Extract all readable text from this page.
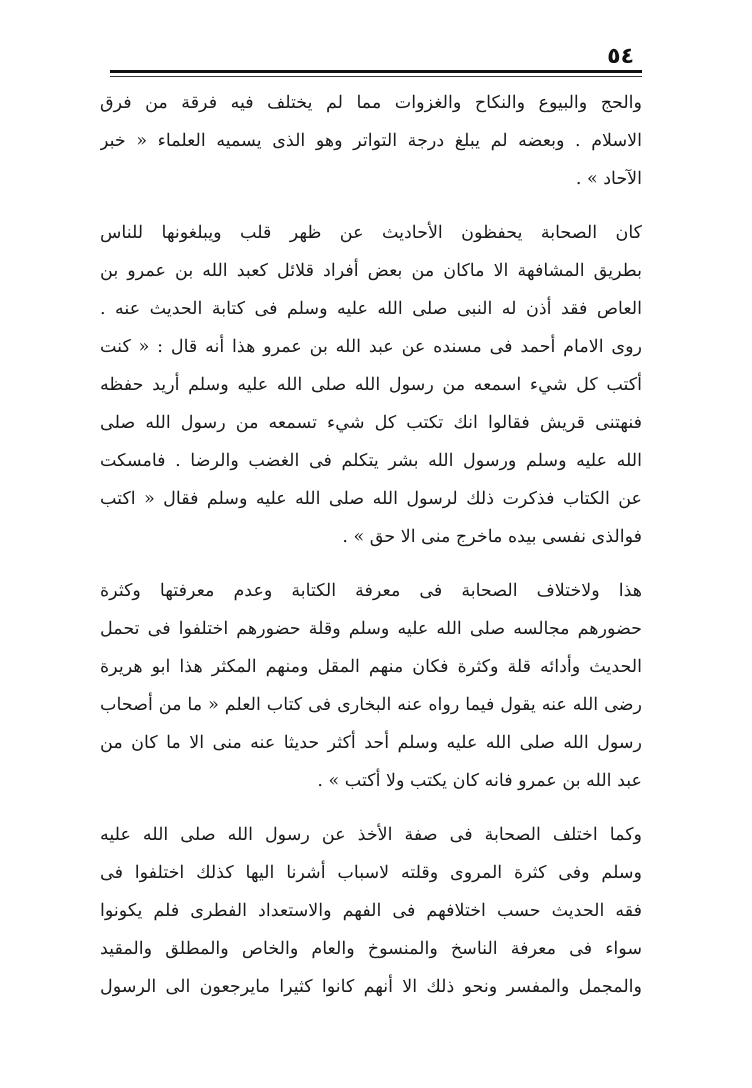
٥٤
والحج والبيوع والنكاح والغزوات مما لم يختلف فيه فرقة من فرق
الاسلام . وبعضه لم يبلغ درجة التواتر وهو الذى يسميه العلماء « خبر
الآحاد » .
كان الصحابة يحفظون الأحاديث عن ظهر قلب ويبلغونها للناس
بطريق المشافهة الا ماكان من بعض أفراد قلائل كعبد الله بن عمرو بن
العاص فقد أذن له النبى صلى الله عليه وسلم فى كتابة الحديث عنه .
روى الامام أحمد فى مسنده عن عبد الله بن عمرو هذا أنه قال : « كنت
أكتب كل شيء اسمعه من رسول الله صلى الله عليه وسلم أريد حفظه
فنهتنى قريش فقالوا انك تكتب كل شيء تسمعه من رسول الله صلى
الله عليه وسلم ورسول الله بشر يتكلم فى الغضب والرضا . فامسكت
عن الكتاب فذكرت ذلك لرسول الله صلى الله عليه وسلم فقال « اكتب
فوالذى نفسى بيده ماخرج منى الا حق » .
هذا ولاختلاف الصحابة فى معرفة الكتابة وعدم معرفتها وكثرة
حضورهم مجالسه صلى الله عليه وسلم وقلة حضورهم اختلفوا فى تحمل
الحديث وأدائه قلة وكثرة فكان منهم المقل ومنهم المكثر هذا ابو هريرة
رضى الله عنه يقول فيما رواه عنه البخارى فى كتاب العلم « ما من أصحاب
رسول الله صلى الله عليه وسلم أحد أكثر حديثا عنه منى الا ما كان من
عبد الله بن عمرو فانه كان يكتب ولا أكتب » .
وكما اختلف الصحابة فى صفة الأخذ عن رسول الله صلى الله عليه
وسلم وفى كثرة المروى وقلته لاسباب أشرنا اليها كذلك اختلفوا فى
فقه الحديث حسب اختلافهم فى الفهم والاستعداد الفطرى فلم يكونوا
سواء فى معرفة الناسخ والمنسوخ والعام والخاص والمطلق والمقيد
والمجمل والمفسر ونحو ذلك الا أنهم كانوا كثيرا مايرجعون الى الرسول
